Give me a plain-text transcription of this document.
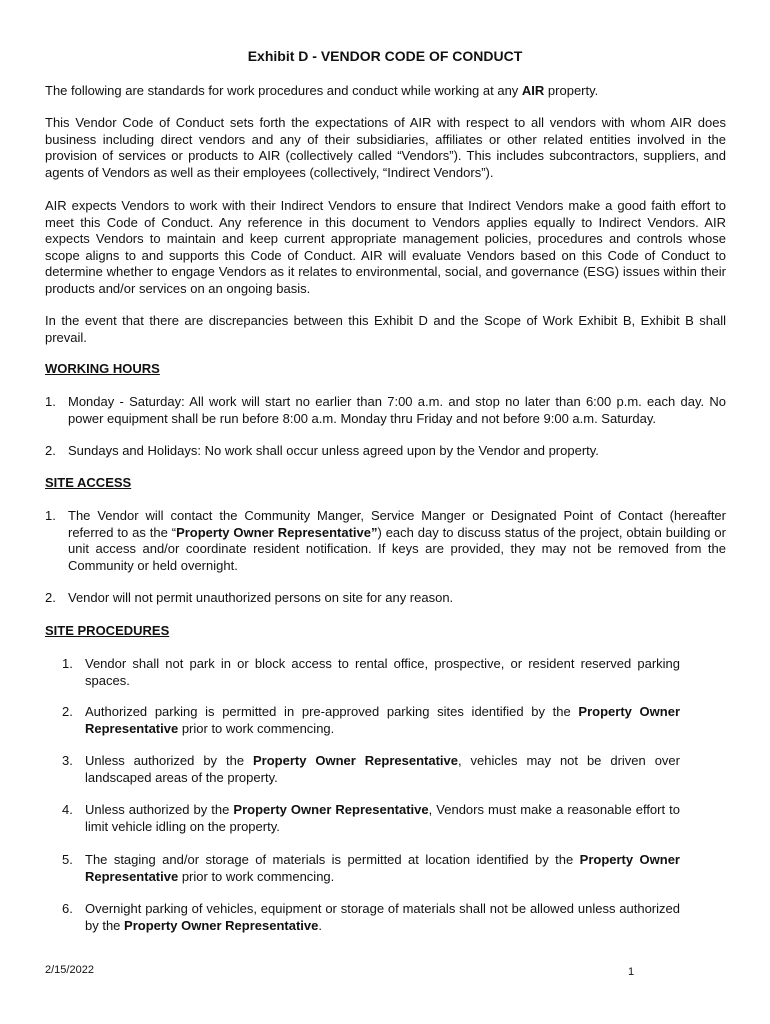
Exhibit D - VENDOR CODE OF CONDUCT
The following are standards for work procedures and conduct while working at any AIR property.
This Vendor Code of Conduct sets forth the expectations of AIR with respect to all vendors with whom AIR does business including direct vendors and any of their subsidiaries, affiliates or other related entities involved in the provision of services or products to AIR (collectively called “Vendors”). This includes subcontractors, suppliers, and agents of Vendors as well as their employees (collectively, “Indirect Vendors”).
AIR expects Vendors to work with their Indirect Vendors to ensure that Indirect Vendors make a good faith effort to meet this Code of Conduct. Any reference in this document to Vendors applies equally to Indirect Vendors. AIR expects Vendors to maintain and keep current appropriate management policies, procedures and controls whose scope aligns to and supports this Code of Conduct. AIR will evaluate Vendors based on this Code of Conduct to determine whether to engage Vendors as it relates to environmental, social, and governance (ESG) issues within their products and/or services on an ongoing basis.
In the event that there are discrepancies between this Exhibit D and the Scope of Work Exhibit B, Exhibit B shall prevail.
WORKING HOURS
1. Monday - Saturday: All work will start no earlier than 7:00 a.m. and stop no later than 6:00 p.m. each day. No power equipment shall be run before 8:00 a.m. Monday thru Friday and not before 9:00 a.m. Saturday.
2. Sundays and Holidays: No work shall occur unless agreed upon by the Vendor and property.
SITE ACCESS
1. The Vendor will contact the Community Manger, Service Manger or Designated Point of Contact (hereafter referred to as the “Property Owner Representative”) each day to discuss status of the project, obtain building or unit access and/or coordinate resident notification. If keys are provided, they may not be removed from the Community or held overnight.
2. Vendor will not permit unauthorized persons on site for any reason.
SITE PROCEDURES
1. Vendor shall not park in or block access to rental office, prospective, or resident reserved parking spaces.
2. Authorized parking is permitted in pre-approved parking sites identified by the Property Owner Representative prior to work commencing.
3. Unless authorized by the Property Owner Representative, vehicles may not be driven over landscaped areas of the property.
4. Unless authorized by the Property Owner Representative, Vendors must make a reasonable effort to limit vehicle idling on the property.
5. The staging and/or storage of materials is permitted at location identified by the Property Owner Representative prior to work commencing.
6. Overnight parking of vehicles, equipment or storage of materials shall not be allowed unless authorized by the Property Owner Representative.
2/15/2022	1
